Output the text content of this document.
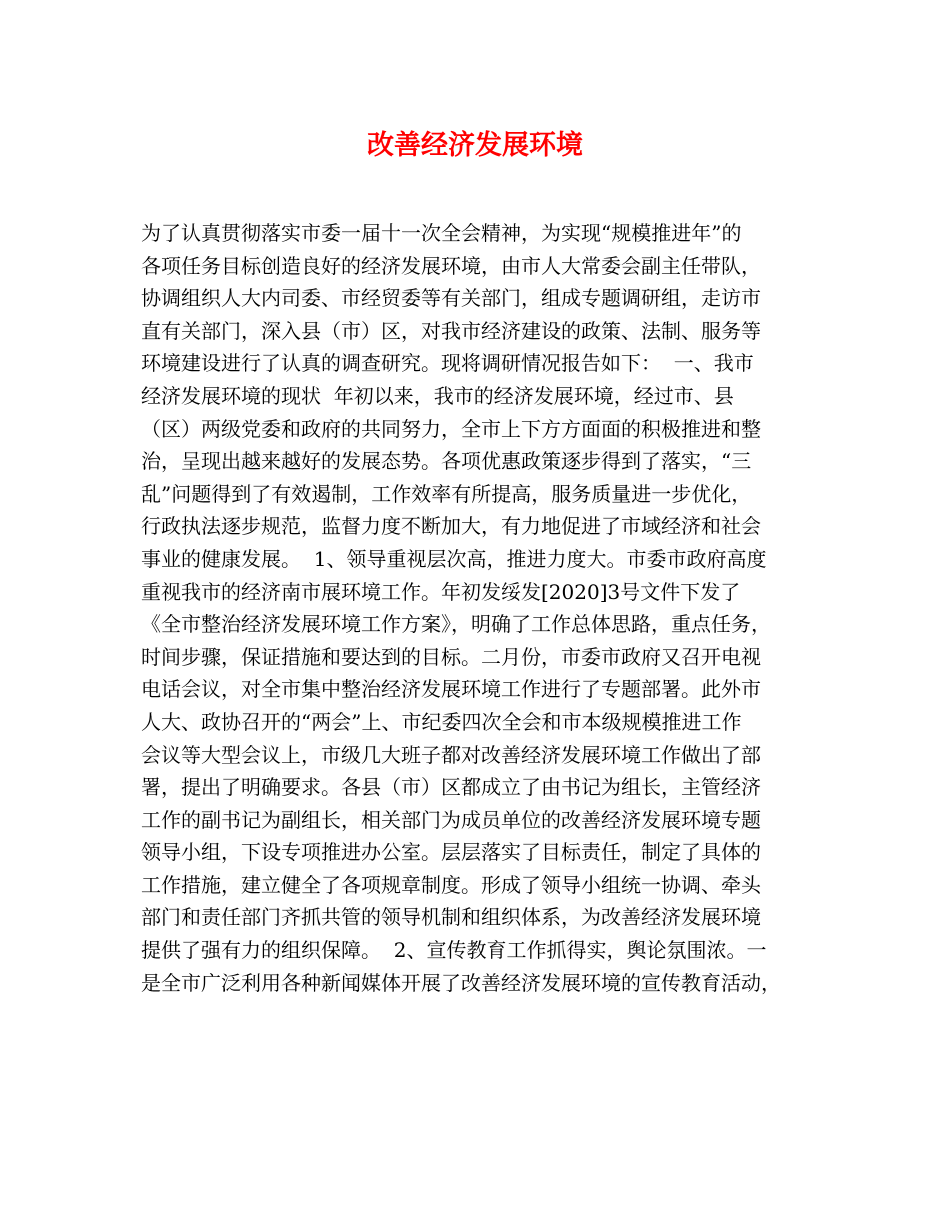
改善经济发展环境
为了认真贯彻落实市委一届十一次全会精神，为实现“规模推进年”的
各项任务目标创造良好的经济发展环境，由市人大常委会副主任带队，
协调组织人大内司委、市经贸委等有关部门，组成专题调研组，走访市
直有关部门，深入县（市）区，对我市经济建设的政策、法制、服务等
环境建设进行了认真的调查研究。现将调研情况报告如下：  一、我市
经济发展环境的现状  年初以来，我市的经济发展环境，经过市、县
（区）两级党委和政府的共同努力，全市上下方方面面的积极推进和整
治，呈现出越来越好的发展态势。各项优惠政策逐步得到了落实，“三
乱”问题得到了有效遏制，工作效率有所提高，服务质量进一步优化，
行政执法逐步规范，监督力度不断加大，有力地促进了市域经济和社会
事业的健康发展。  1、领导重视层次高，推进力度大。市委市政府高度
重视我市的经济南市展环境工作。年初发绥发[2020]3号文件下发了
《全市整治经济发展环境工作方案》，明确了工作总体思路，重点任务，
时间步骤，保证措施和要达到的目标。二月份，市委市政府又召开电视
电话会议，对全市集中整治经济发展环境工作进行了专题部署。此外市
人大、政协召开的“两会”上、市纪委四次全会和市本级规模推进工作
会议等大型会议上，市级几大班子都对改善经济发展环境工作做出了部
署，提出了明确要求。各县（市）区都成立了由书记为组长，主管经济
工作的副书记为副组长，相关部门为成员单位的改善经济发展环境专题
领导小组，下设专项推进办公室。层层落实了目标责任，制定了具体的
工作措施，建立健全了各项规章制度。形成了领导小组统一协调、牵头
部门和责任部门齐抓共管的领导机制和组织体系，为改善经济发展环境
提供了强有力的组织保障。  2、宣传教育工作抓得实，舆论氛围浓。一
是全市广泛利用各种新闻媒体开展了改善经济发展环境的宣传教育活动，
